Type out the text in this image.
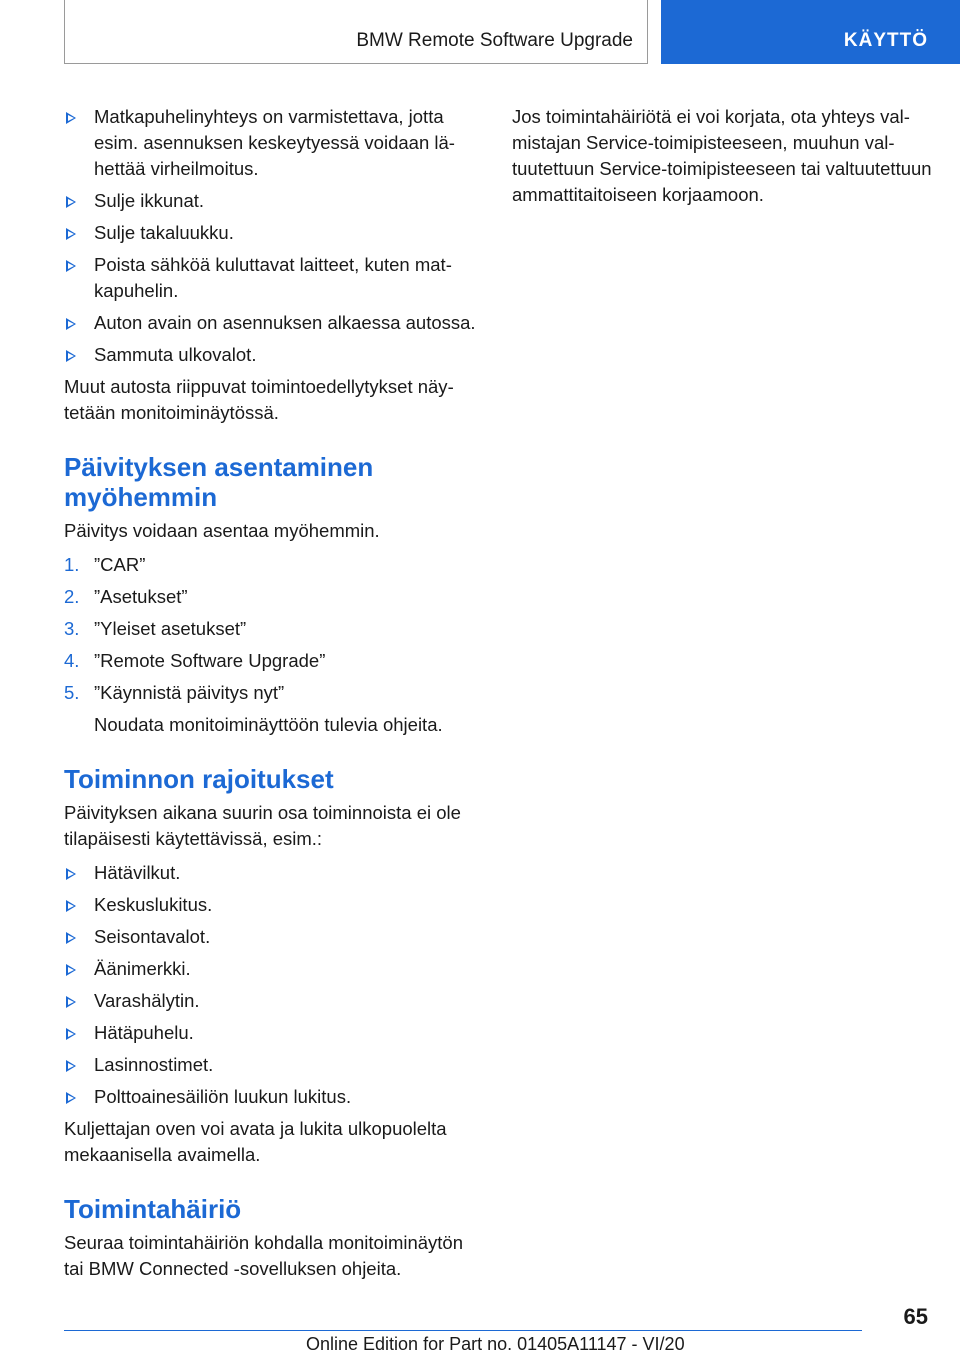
BMW Remote Software Upgrade	KÄYTTÖ
Matkapuhelinyhteys on varmistettava, jotta esim. asennuksen keskeytyessä voidaan lähettää virheilmoitus.
Sulje ikkunat.
Sulje takaluukku.
Poista sähköä kuluttavat laitteet, kuten matkapuhelin.
Auton avain on asennuksen alkaessa autossa.
Sammuta ulkovalot.

Muut autosta riippuvat toimintoedellytykset näytetään monitoiminäytössä.

Päivityksen asentaminen myöhemmin

Päivitys voidaan asentaa myöhemmin.

1. ”CAR”
2. ”Asetukset”
3. ”Yleiset asetukset”
4. ”Remote Software Upgrade”
5. ”Käynnistä päivitys nyt”
Noudata monitoiminäyttöön tulevia ohjeita.
Toiminnon rajoitukset

Päivityksen aikana suurin osa toiminnoista ei ole tilapäisesti käytettävissä, esim.:

Hätävilkut.
Keskuslukitus.
Seisontavalot.
Äänimerkki.
Varashälytin.
Hätäpuhelu.
Lasinnostimet.
Polttoainesäiliön luukun lukitus.

Kuljettajan oven voi avata ja lukita ulkopuolelta mekaanisella avaimella.

Toimintahäiriö

Seuraa toimintahäiriön kohdalla monitoiminäytön tai BMW Connected -sovelluksen ohjeita.

Jos toimintahäiriötä ei voi korjata, ota yhteys valmistajan Service-toimipisteeseen, muuhun valtuutettuun Service-toimipisteeseen tai valtuutettuun ammattitaitoiseen korjaamoon.

65
Online Edition for Part no. 01405A11147 - VI/20
